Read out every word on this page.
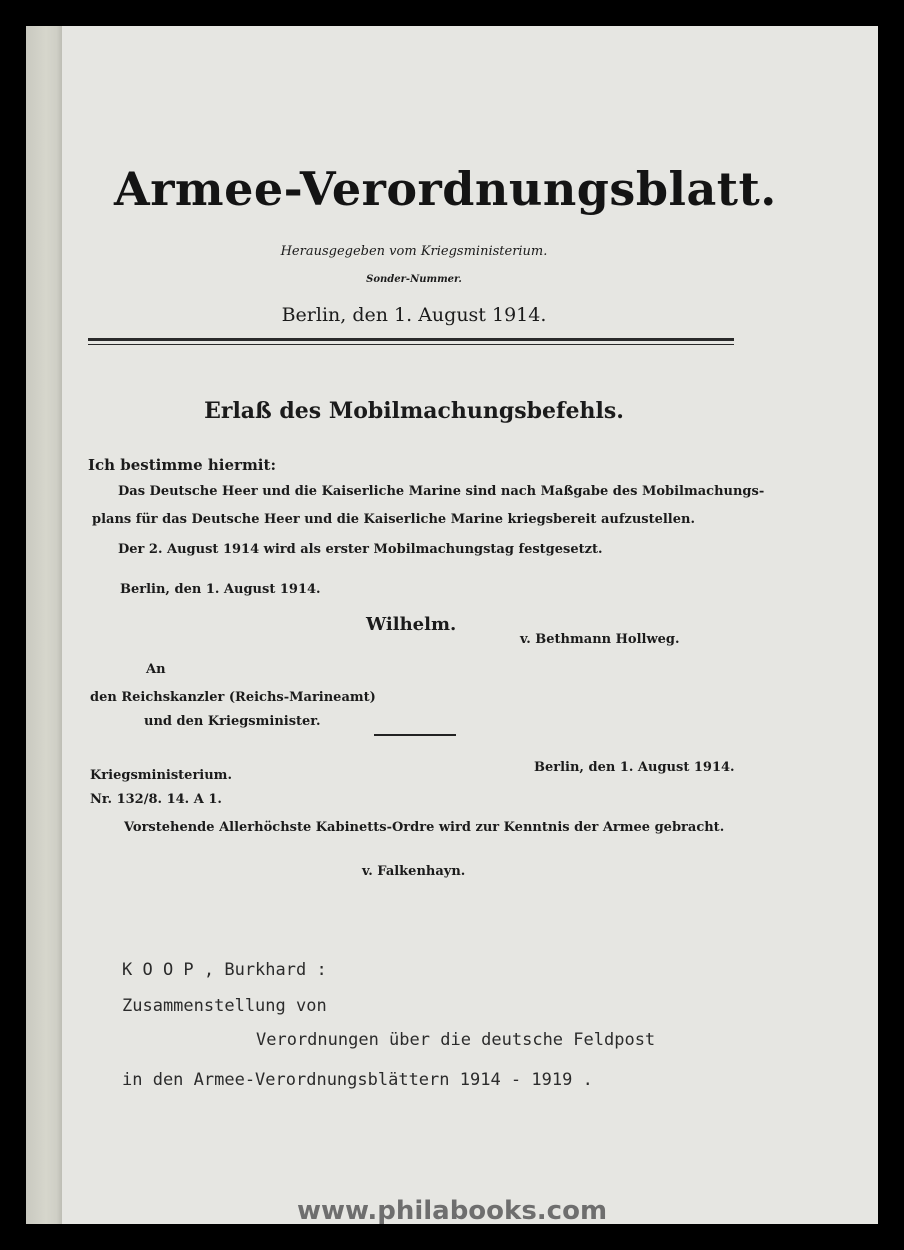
Armee-Verordnungsblatt.
Herausgegeben vom Kriegsministerium.
Sonder-Nummer.
Berlin, den 1. August 1914.
Erlaß des Mobilmachungsbefehls.
Ich bestimme hiermit:
Das Deutsche Heer und die Kaiserliche Marine sind nach Maßgabe des Mobilmachungs-
plans für das Deutsche Heer und die Kaiserliche Marine kriegsbereit aufzustellen.
Der 2. August 1914 wird als erster Mobilmachungstag festgesetzt.
Berlin, den 1. August 1914.
Wilhelm.
v. Bethmann Hollweg.
An
den Reichskanzler (Reichs-Marineamt)
und den Kriegsminister.
Berlin, den 1. August 1914.
Kriegsministerium.
Nr. 132/8. 14. A 1.
Vorstehende Allerhöchste Kabinetts-Ordre wird zur Kenntnis der Armee gebracht.
v. Falkenhayn.
K O O P , Burkhard :
Zusammenstellung von
Verordnungen über die deutsche Feldpost
in den Armee-Verordnungsblättern 1914 - 1919 .
www.philabooks.com
